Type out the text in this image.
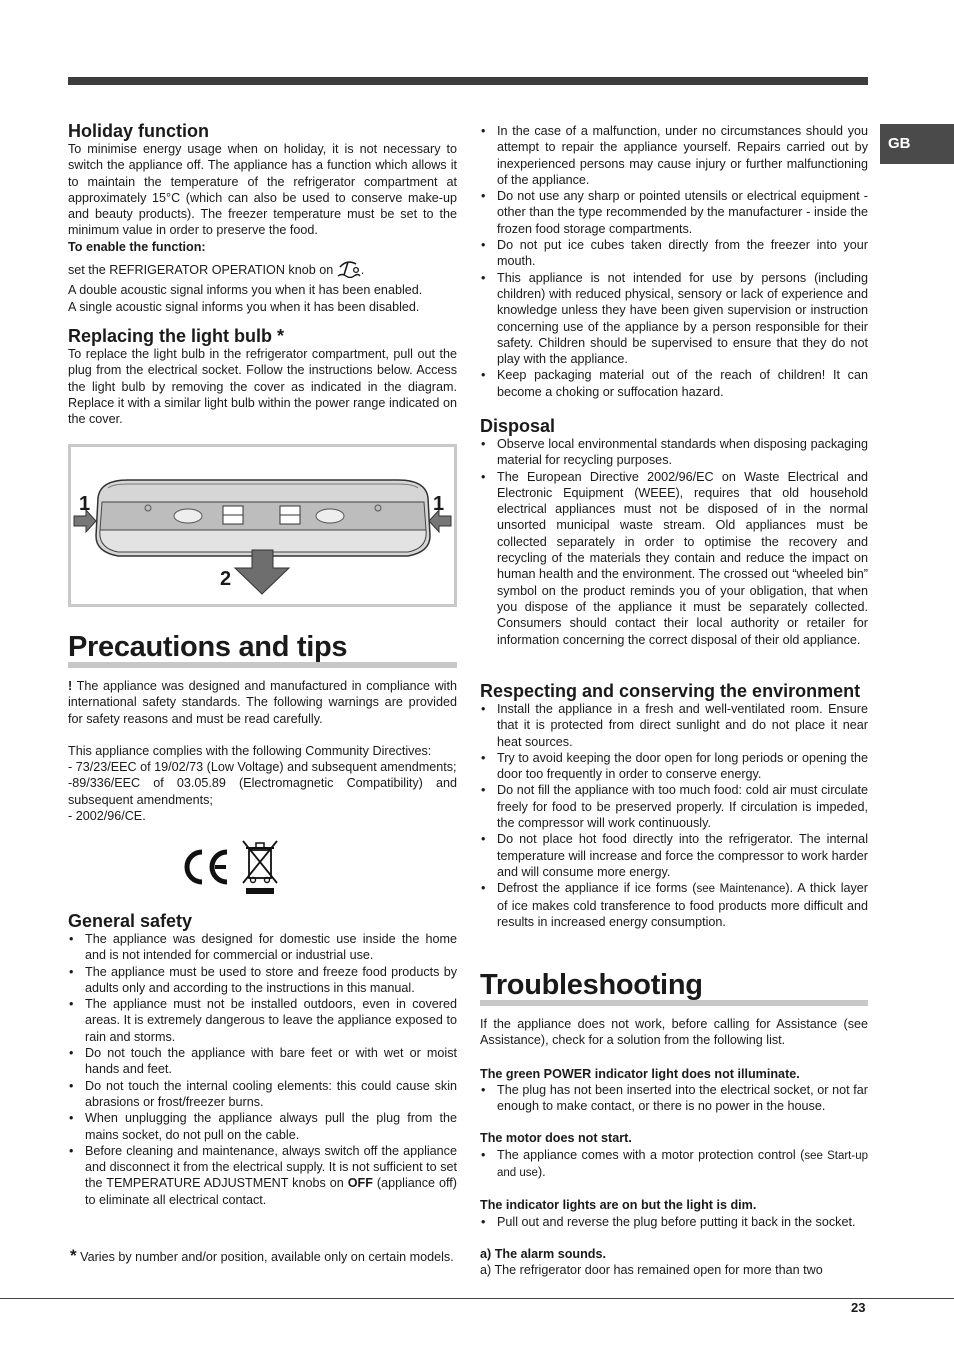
GB
Holiday function

To minimise energy usage when on holiday, it is not necessary to switch the appliance off. The appliance has a function which allows it to maintain the temperature of the refrigerator compartment at approximately 15°C (which can also be used to conserve make-up and beauty products). The freezer temperature must be set to the minimum value in order to preserve the food.

To enable the function:

set the REFRIGERATOR OPERATION knob on .

A double acoustic signal informs you when it has been enabled.

A single acoustic signal informs you when it has been disabled.

Replacing the light bulb *

To replace the light bulb in the refrigerator compartment, pull out the plug from the electrical socket. Follow the instructions below. Access the light bulb by removing the cover as indicated in the diagram. Replace it with a similar light bulb within the power range indicated on the cover.

1	1
2
Precautions and tips

! The appliance was designed and manufactured in compliance with international safety standards. The following warnings are provided for safety reasons and must be read carefully.

This appliance complies with the following Community Directives:

- 73/23/EEC of 19/02/73 (Low Voltage) and subsequent amendments;

-89/336/EEC of 03.05.89 (Electromagnetic Compatibility) and subsequent amendments;

- 2002/96/CE.

General safety
• The appliance was designed for domestic use inside the home and is not intended for commercial or industrial use.
• The appliance must be used to store and freeze food products by adults only and according to the instructions in this manual.
• The appliance must not be installed outdoors, even in covered areas. It is extremely dangerous to leave the appliance exposed to rain and storms.
• Do not touch the appliance with bare feet or with wet or moist hands and feet.
• Do not touch the internal cooling elements: this could cause skin abrasions or frost/freezer burns.
• When unplugging the appliance always pull the plug from the mains socket, do not pull on the cable.
• Before cleaning and maintenance, always switch off the appliance and disconnect it from the electrical supply. It is not sufficient to set the TEMPERATURE ADJUSTMENT knobs on OFF (appliance off) to eliminate all electrical contact.

* Varies by number and/or position, available only on certain models.

• In the case of a malfunction, under no circumstances should you attempt to repair the appliance yourself. Repairs carried out by inexperienced persons may cause injury or further malfunctioning of the appliance.
• Do not use any sharp or pointed utensils or electrical equipment - other than the type recommended by the manufacturer - inside the frozen food storage compartments.
• Do not put ice cubes taken directly from the freezer into your mouth.
• This appliance is not intended for use by persons (including children) with reduced physical, sensory or lack of experience and knowledge unless they have been given supervision or instruction concerning use of the appliance by a person responsible for their safety. Children should be supervised to ensure that they do not play with the appliance.
• Keep packaging material out of the reach of children! It can become a choking or suffocation hazard.
Disposal
• Observe local environmental standards when disposing packaging material for recycling purposes.
• The European Directive 2002/96/EC on Waste Electrical and Electronic Equipment (WEEE), requires that old household electrical appliances must not be disposed of in the normal unsorted municipal waste stream. Old appliances must be collected separately in order to optimise the recovery and recycling of the materials they contain and reduce the impact on human health and the environment. The crossed out “wheeled bin” symbol on the product reminds you of your obligation, that when you dispose of the appliance it must be separately collected. Consumers should contact their local authority or retailer for information concerning the correct disposal of their old appliance.
Respecting and conserving the environment
• Install the appliance in a fresh and well-ventilated room. Ensure that it is protected from direct sunlight and do not place it near heat sources.
• Try to avoid keeping the door open for long periods or opening the door too frequently in order to conserve energy.
• Do not fill the appliance with too much food: cold air must circulate freely for food to be preserved properly. If circulation is impeded, the compressor will work continuously.
• Do not place hot food directly into the refrigerator. The internal temperature will increase and force the compressor to work harder and will consume more energy.
• Defrost the appliance if ice forms (see Maintenance). A thick layer of ice makes cold transference to food products more difficult and results in increased energy consumption.
Troubleshooting

If the appliance does not work, before calling for Assistance (see Assistance), check for a solution from the following list.

The green POWER indicator light does not illuminate.

• The plug has not been inserted into the electrical socket, or not far enough to make contact, or there is no power in the house.

The motor does not start.

• The appliance comes with a motor protection control (see Start-up and use).

The indicator lights are on but the light is dim.

• Pull out and reverse the plug before putting it back in the socket.

a) The alarm sounds.

a) The refrigerator door has remained open for more than two

23
